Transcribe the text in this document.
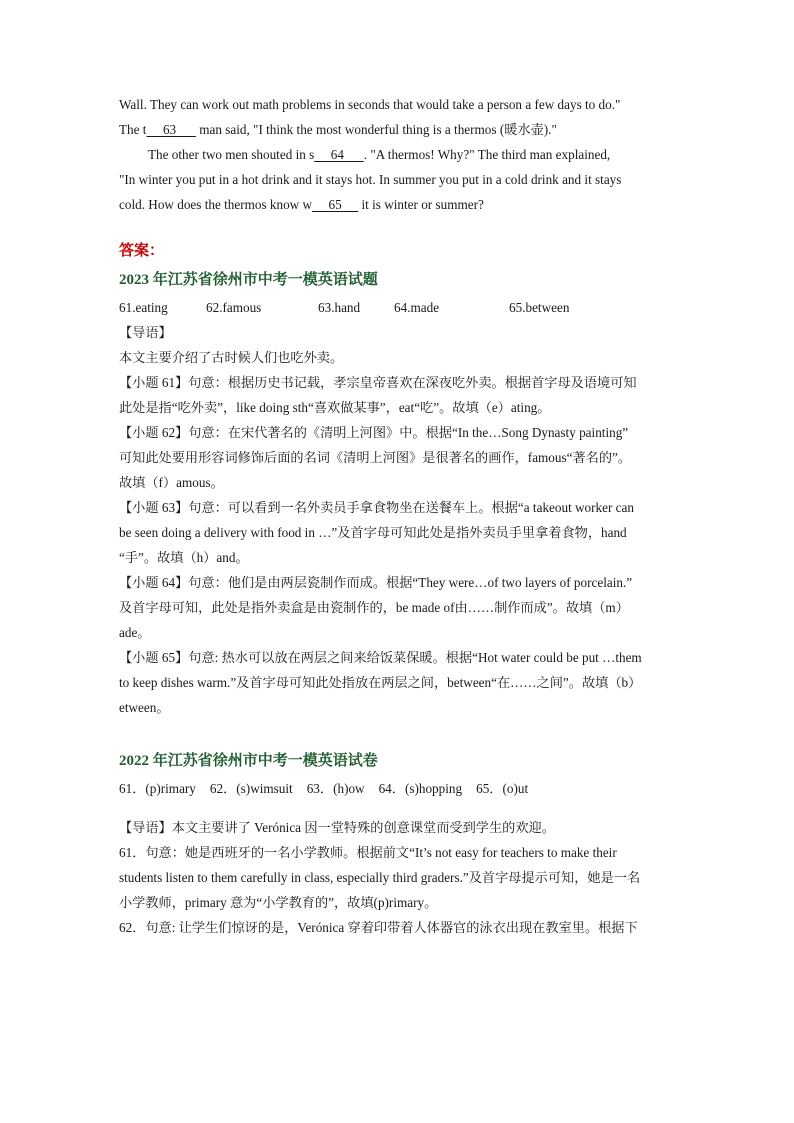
Wall. They can work out math problems in seconds that would take a person a few days to do."
The t     63       man said, "I think the most wonderful thing is a thermos (暖水壶)."
The other two men shouted in s     64      . "A thermos! Why?" The third man explained,
"In winter you put in a hot drink and it stays hot. In summer you put in a cold drink and it stays
cold. How does the thermos know w     65      it is winter or summer?
答案：
2023 年江苏省徐州市中考一模英语试题
61.eating	62.famous	63.hand	64.made	65.between
【导语】
本文主要介绍了古时候人们也吃外卖。
【小题 61】句意：根据历史书记载，孝宗皇帝喜欢在深夜吃外卖。根据首字母及语境可知
此处是指“吃外卖”，like doing sth“喜欢做某事”，eat“吃”。故填（e）ating。
【小题 62】句意：在宋代著名的《清明上河图》中。根据“In the…Song Dynasty painting”
可知此处要用形容词修饰后面的名词《清明上河图》是很著名的画作，famous“著名的”。
故填（f）amous。
【小题 63】句意：可以看到一名外卖员手拿食物坐在送餐车上。根据“a takeout worker can
be seen doing a delivery with food in …”及首字母可知此处是指外卖员手里拿着食物，hand
“手”。故填（h）and。
【小题 64】句意：他们是由两层瓷制作而成。根据“They were…of two layers of porcelain.”
及首字母可知，此处是指外卖盒是由瓷制作的，be made of由……制作而成”。故填（m）
ade。
【小题 65】句意: 热水可以放在两层之间来给饭菜保暖。根据“Hot water could be put …them
to keep dishes warm.”及首字母可知此处指放在两层之间，between“在……之间”。故填（b）
etween。
2022 年江苏省徐州市中考一模英语试卷
61．(p)rimary 62．(s)wimsuit 63．(h)ow 64．(s)hopping 65．(o)ut
【导语】本文主要讲了 Verónica 因一堂特殊的创意课堂而受到学生的欢迎。
61．句意：她是西班牙的一名小学教师。根据前文“It’s not easy for teachers to make their
students listen to them carefully in class, especially third graders.”及首字母提示可知，她是一名
小学教师，primary 意为“小学教育的”，故填(p)rimary。
62．句意: 让学生们惊讶的是，Verónica 穿着印带着人体器官的泳衣出现在教室里。根据下
